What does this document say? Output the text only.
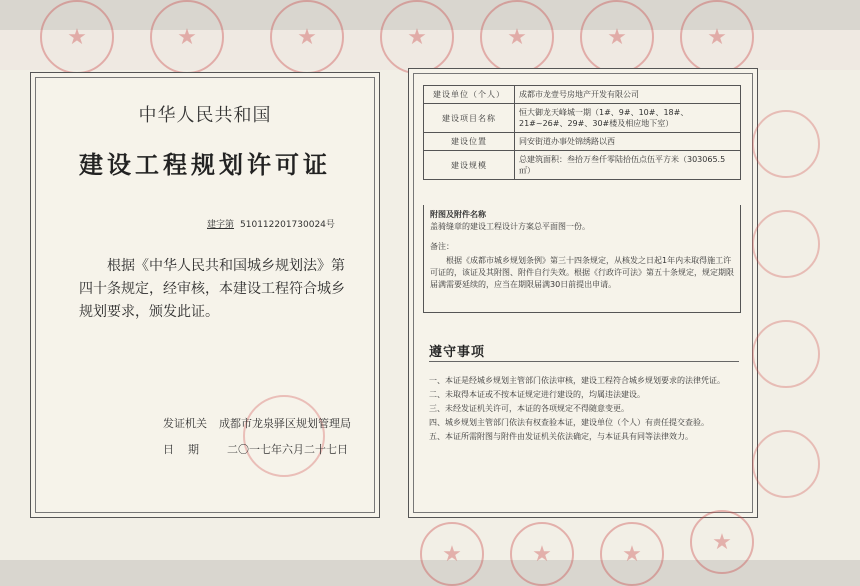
★
★
★
★
★
★
★
中华人民共和国
建设工程规划许可证
建字第 510112201730024号
根据《中华人民共和国城乡规划法》第四十条规定，经审核，本建设工程符合城乡规划要求，颁发此证。
发证机关 成都市龙泉驿区规划管理局
日期 二〇一七年六月二十七日
建设单位（个人）	成都市龙壹号房地产开发有限公司
建设项目名称	恒大御龙天峰城一期（1#、9#、10#、18#、21#~26#、29#、30#楼及相应地下室）
建设位置	同安街道办事处锦绣路以西
建设规模	总建筑面积：叁拾万叁仟零陆拾伍点伍平方米（303065.5㎡）
附图及附件名称
盖骑缝章的建设工程设计方案总平面图一份。
备注：
根据《成都市城乡规划条例》第三十四条规定，从核发之日起1年内未取得施工许可证的，该证及其附图、附件自行失效。根据《行政许可法》第五十条规定，规定期限届满需要延续的，应当在期限届满30日前提出申请。
遵守事项
一、本证是经城乡规划主管部门依法审核，建设工程符合城乡规划要求的法律凭证。
二、未取得本证或不按本证规定进行建设的，均属违法建设。
三、未经发证机关许可，本证的各项规定不得随意变更。
四、城乡规划主管部门依法有权查验本证，建设单位（个人）有责任提交查验。
五、本证所需附图与附件由发证机关依法确定，与本证具有同等法律效力。
★
★
★
★
